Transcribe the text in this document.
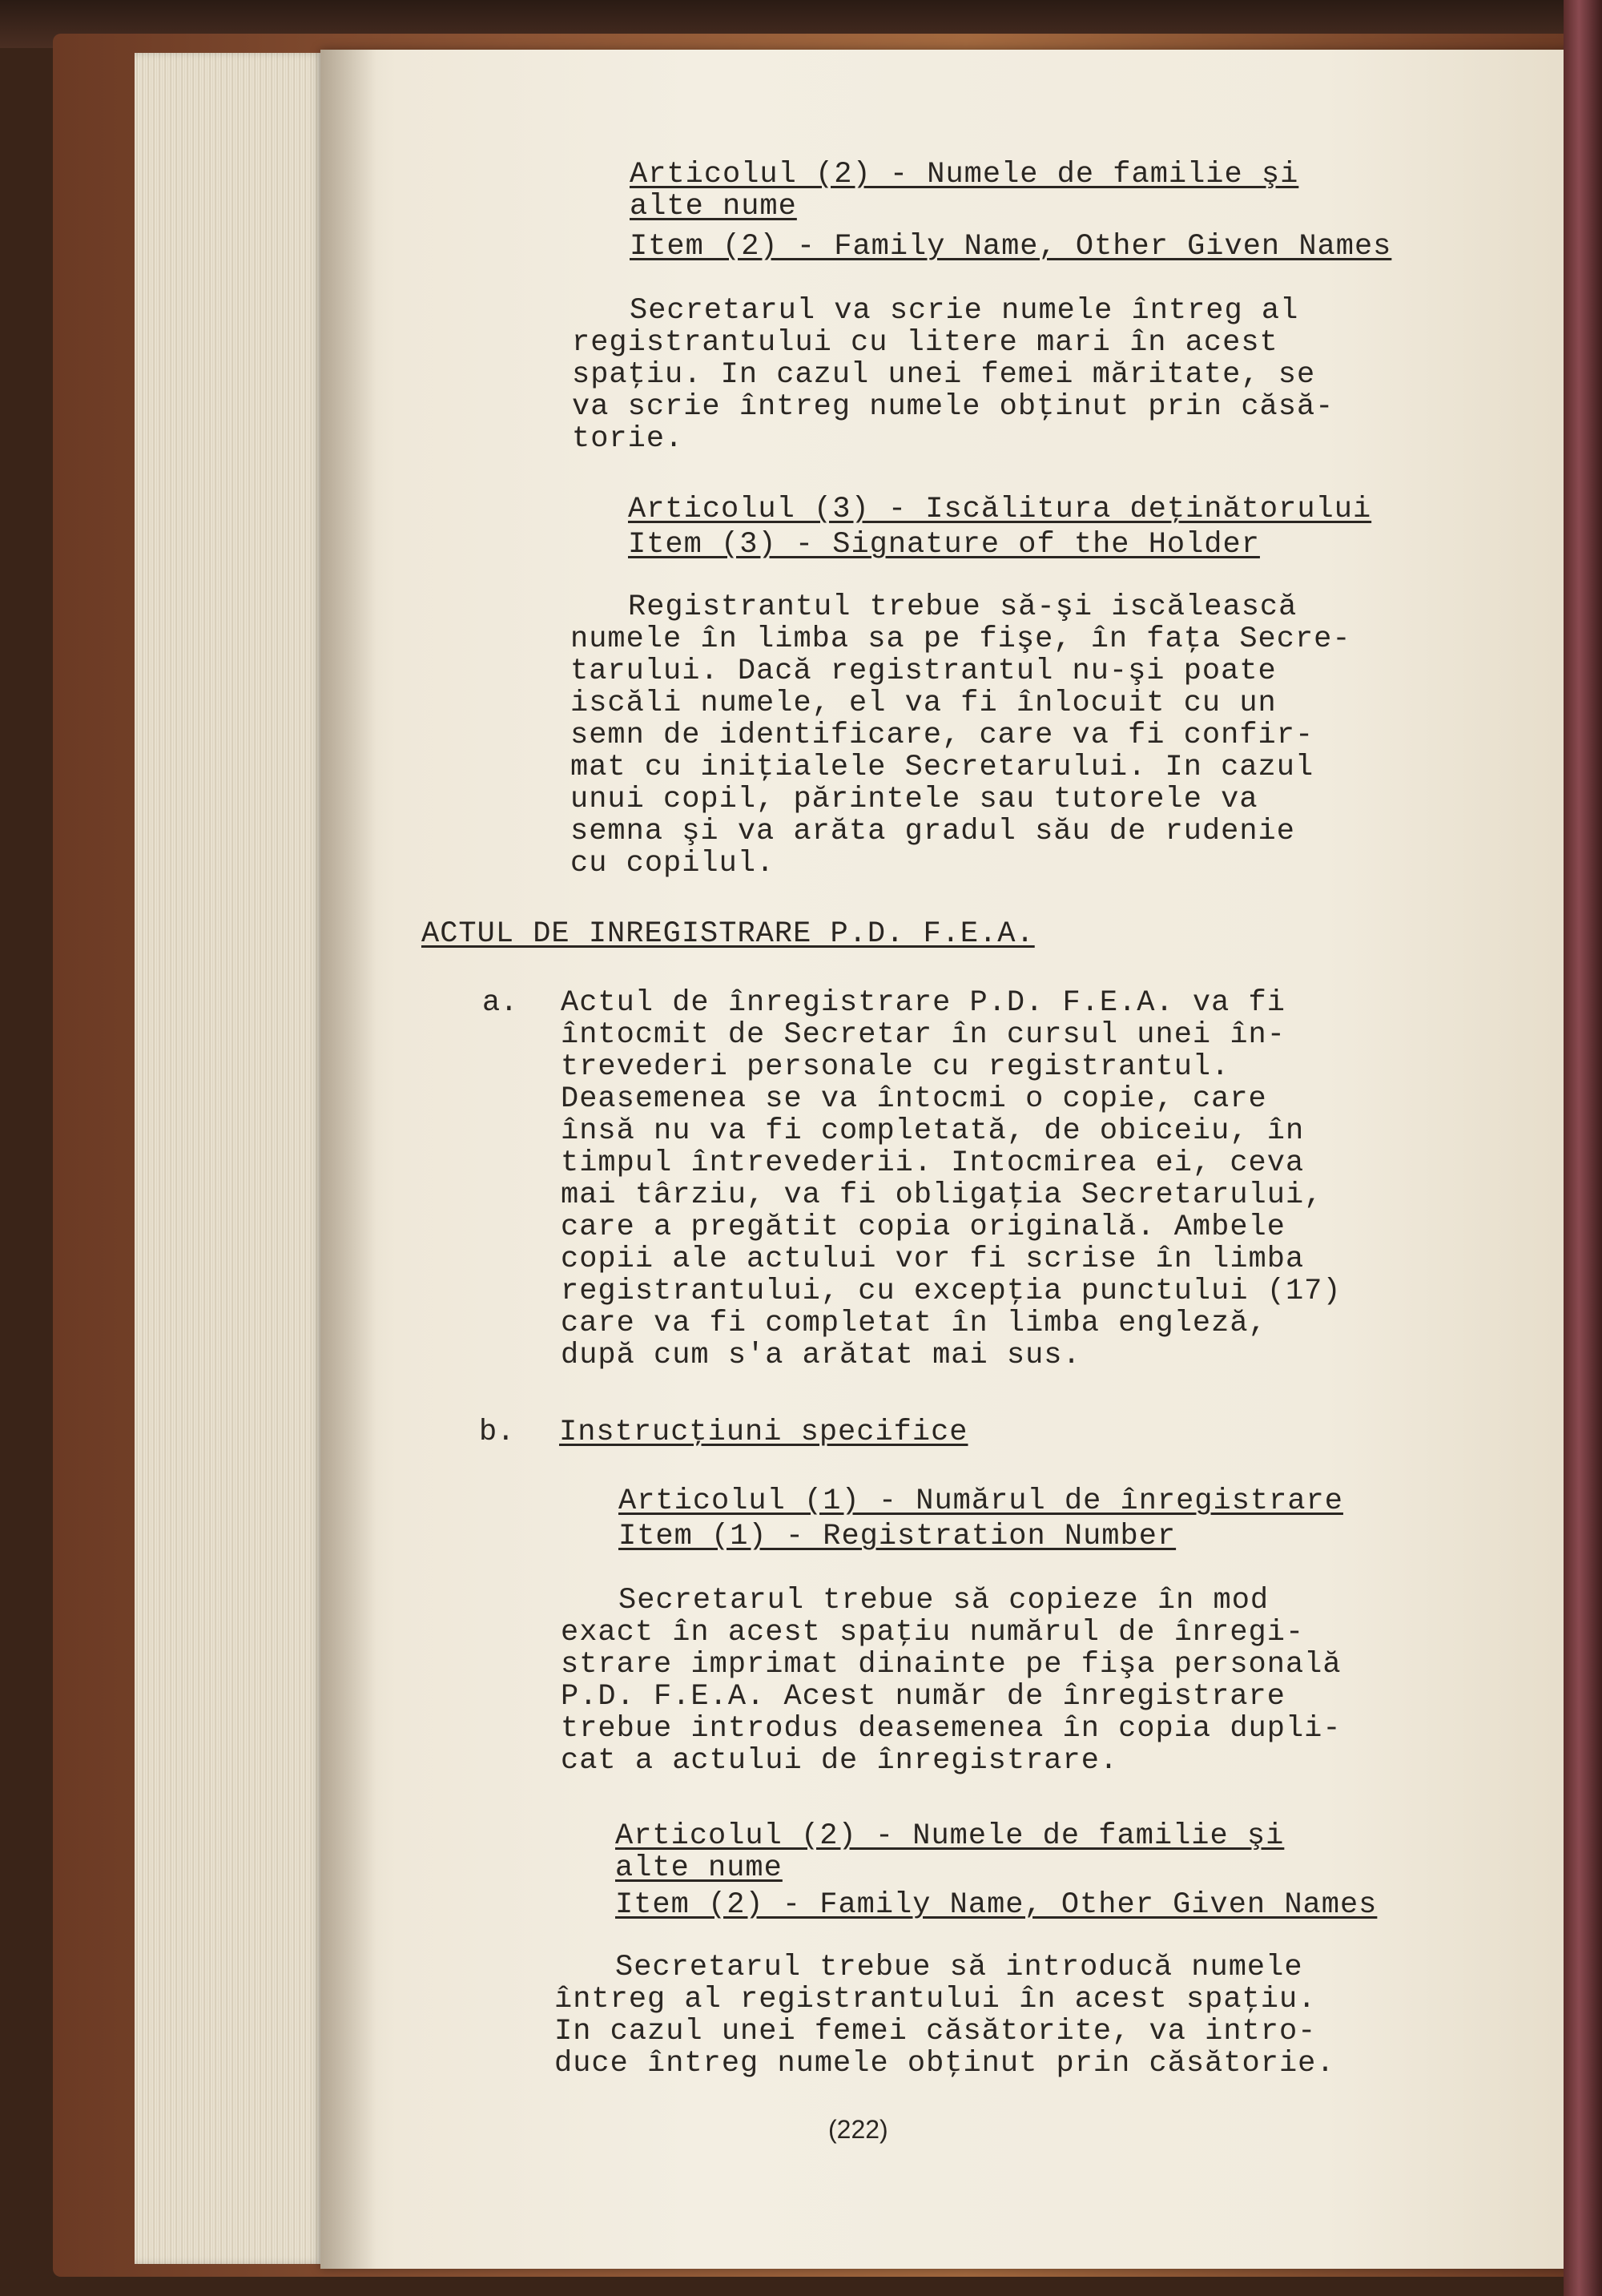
Articolul (2) - Numele de familie şi

alte nume

Item (2) - Family Name, Other Given Names

Secretarul va scrie numele întreg al
registrantului cu litere mari în acest
spaţiu. In cazul unei femei măritate, se
va scrie întreg numele obţinut prin căsă-
torie.

Articolul (3) - Iscălitura deţinătorului

Item (3) - Signature of the Holder

Registrantul trebue să-şi iscălească
numele în limba sa pe fişe, în faţa Secre-
tarului. Dacă registrantul nu-şi poate
iscăli numele, el va fi înlocuit cu un
semn de identificare, care va fi confir-
mat cu iniţialele Secretarului. In cazul
unui copil, părintele sau tutorele va
semna şi va arăta gradul său de rudenie
cu copilul.

ACTUL DE INREGISTRARE P.D. F.E.A.

a. Actul de înregistrare P.D. F.E.A. va fi
întocmit de Secretar în cursul unei în-
trevederi personale cu registrantul.
Deasemenea se va întocmi o copie, care
însă nu va fi completată, de obiceiu, în
timpul întrevederii. Intocmirea ei, ceva
mai târziu, va fi obligaţia Secretarului,
care a pregătit copia originală. Ambele
copii ale actului vor fi scrise în limba
registrantului, cu excepţia punctului (17)
care va fi completat în limba engleză,
după cum s'a arătat mai sus.
b. Instrucţiuni specifice

Articolul (1) - Numărul de înregistrare

Item (1) - Registration Number

Secretarul trebue să copieze în mod
exact în acest spaţiu numărul de înregi-
strare imprimat dinainte pe fişa personală
P.D. F.E.A. Acest număr de înregistrare
trebue introdus deasemenea în copia dupli-
cat a actului de înregistrare.

Articolul (2) - Numele de familie şi

alte nume

Item (2) - Family Name, Other Given Names

Secretarul trebue să introducă numele
întreg al registrantului în acest spaţiu.
In cazul unei femei căsătorite, va intro-
duce întreg numele obţinut prin căsătorie.
(222)
